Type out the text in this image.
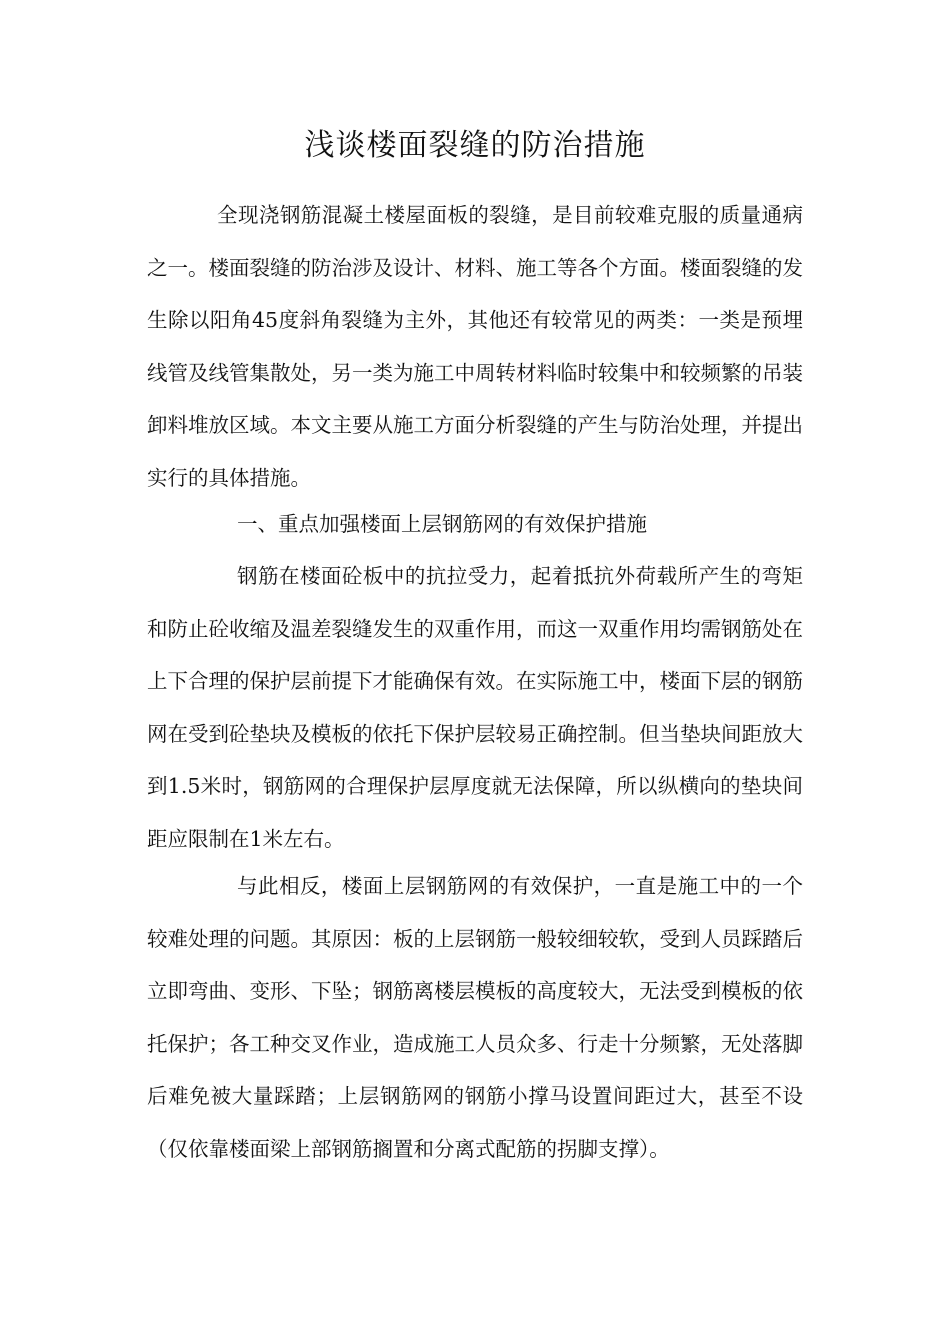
浅谈楼面裂缝的防治措施

全现浇钢筋混凝土楼屋面板的裂缝，是目前较难克服的质量通病之一。楼面裂缝的防治涉及设计、材料、施工等各个方面。楼面裂缝的发生除以阳角45度斜角裂缝为主外，其他还有较常见的两类：一类是预埋线管及线管集散处，另一类为施工中周转材料临时较集中和较频繁的吊装卸料堆放区域。本文主要从施工方面分析裂缝的产生与防治处理，并提出实行的具体措施。

一、重点加强楼面上层钢筋网的有效保护措施

钢筋在楼面砼板中的抗拉受力，起着抵抗外荷载所产生的弯矩和防止砼收缩及温差裂缝发生的双重作用，而这一双重作用均需钢筋处在上下合理的保护层前提下才能确保有效。在实际施工中，楼面下层的钢筋网在受到砼垫块及模板的依托下保护层较易正确控制。但当垫块间距放大到1.5米时，钢筋网的合理保护层厚度就无法保障，所以纵横向的垫块间距应限制在1米左右。

与此相反，楼面上层钢筋网的有效保护，一直是施工中的一个较难处理的问题。其原因：板的上层钢筋一般较细较软，受到人员踩踏后立即弯曲、变形、下坠；钢筋离楼层模板的高度较大，无法受到模板的依托保护；各工种交叉作业，造成施工人员众多、行走十分频繁，无处落脚后难免被大量踩踏；上层钢筋网的钢筋小撑马设置间距过大，甚至不设（仅依靠楼面梁上部钢筋搁置和分离式配筋的拐脚支撑）。
